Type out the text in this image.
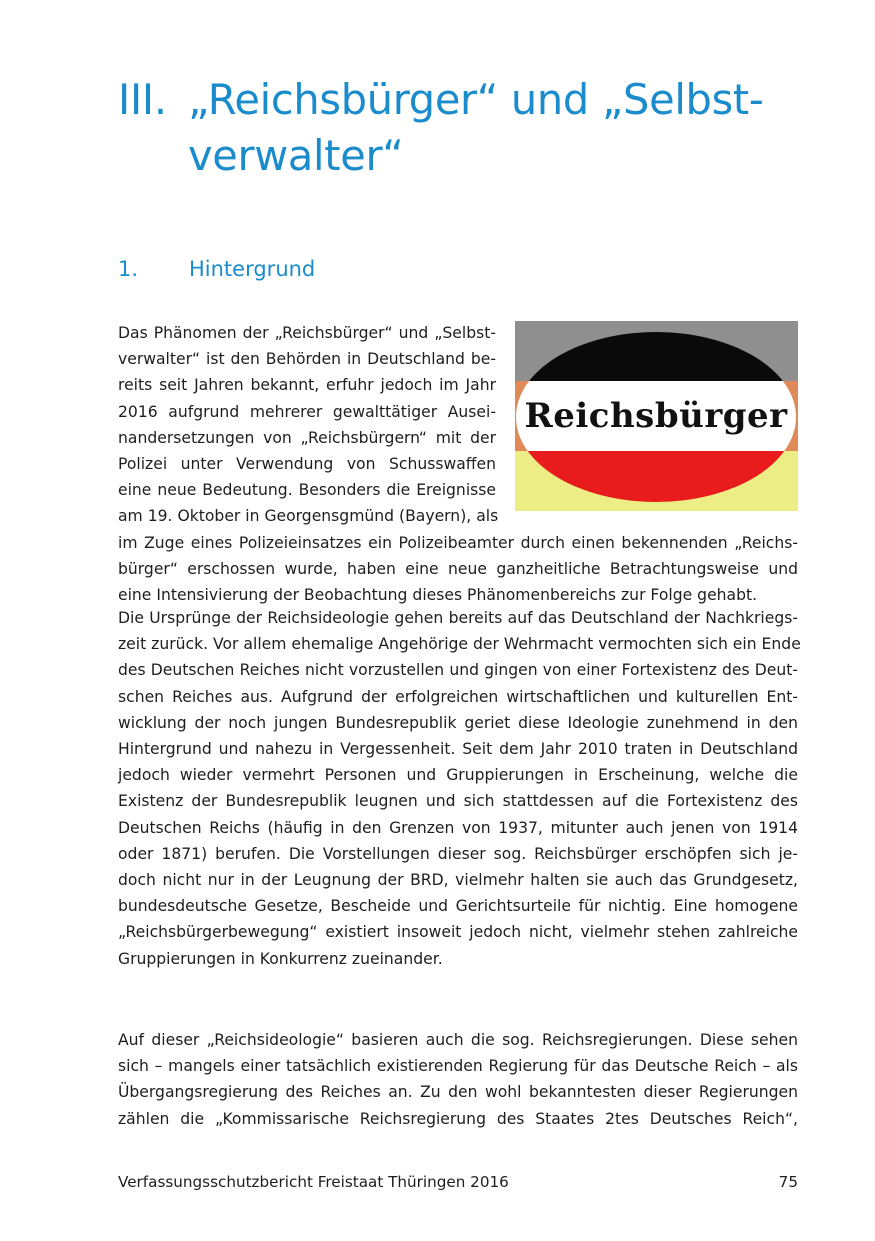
III. „Reichsbürger“ und „Selbst-
verwalter“
1.	Hintergrund
Reichsbürger
Das Phänomen der „Reichsbürger“ und „Selbst-
verwalter“ ist den Behörden in Deutschland be-
reits seit Jahren bekannt, erfuhr jedoch im Jahr
2016 aufgrund mehrerer gewalttätiger Ausei-
nandersetzungen von „Reichsbürgern“ mit der
Polizei unter Verwendung von Schusswaffen
eine neue Bedeutung. Besonders die Ereignisse
am 19. Oktober in Georgensgmünd (Bayern), als
im Zuge eines Polizeieinsatzes ein Polizeibeamter durch einen bekennenden „Reichs-
bürger“ erschossen wurde, haben eine neue ganzheitliche Betrachtungsweise und
eine Intensivierung der Beobachtung dieses Phänomenbereichs zur Folge gehabt.
Die Ursprünge der Reichsideologie gehen bereits auf das Deutschland der Nachkriegs-
zeit zurück. Vor allem ehemalige Angehörige der Wehrmacht vermochten sich ein Ende
des Deutschen Reiches nicht vorzustellen und gingen von einer Fortexistenz des Deut-
schen Reiches aus. Aufgrund der erfolgreichen wirtschaftlichen und kulturellen Ent-
wicklung der noch jungen Bundesrepublik geriet diese Ideologie zunehmend in den
Hintergrund und nahezu in Vergessenheit. Seit dem Jahr 2010 traten in Deutschland
jedoch wieder vermehrt Personen und Gruppierungen in Erscheinung, welche die
Existenz der Bundesrepublik leugnen und sich stattdessen auf die Fortexistenz des
Deutschen Reichs (häufig in den Grenzen von 1937, mitunter auch jenen von 1914
oder 1871) berufen. Die Vorstellungen dieser sog. Reichsbürger erschöpfen sich je-
doch nicht nur in der Leugnung der BRD, vielmehr halten sie auch das Grundgesetz,
bundesdeutsche Gesetze, Bescheide und Gerichtsurteile für nichtig. Eine homogene
„Reichsbürgerbewegung“ existiert insoweit jedoch nicht, vielmehr stehen zahlreiche
Gruppierungen in Konkurrenz zueinander.
Auf dieser „Reichsideologie“ basieren auch die sog. Reichsregierungen. Diese sehen
sich – mangels einer tatsächlich existierenden Regierung für das Deutsche Reich – als
Übergangsregierung des Reiches an. Zu den wohl bekanntesten dieser Regierungen
zählen die „Kommissarische Reichsregierung des Staates 2tes Deutsches Reich“,
Verfassungsschutzbericht Freistaat Thüringen 2016	75
